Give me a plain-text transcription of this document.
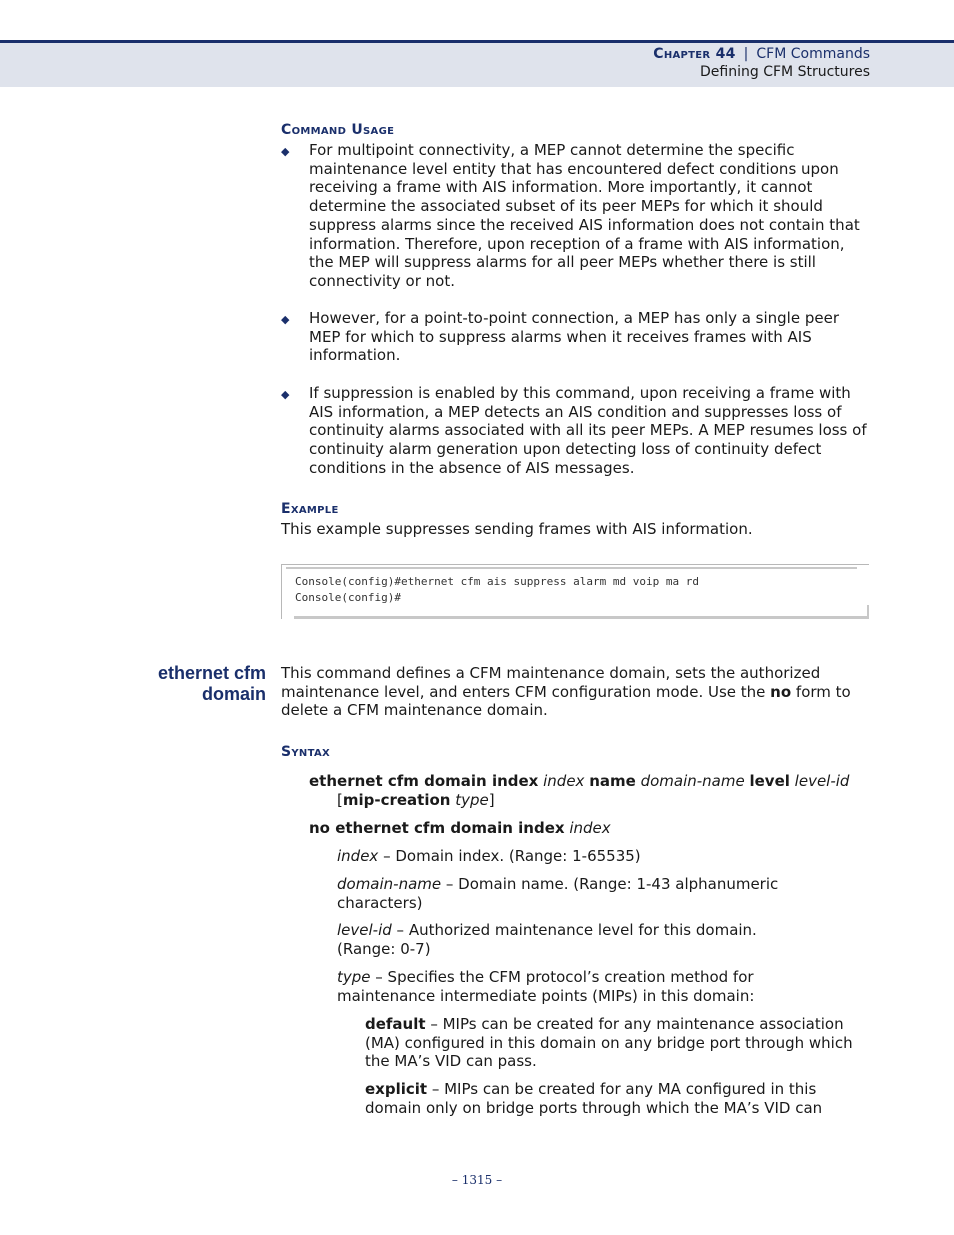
Chapter 44 | CFM Commands
Defining CFM Structures
Command Usage
◆ For multipoint connectivity, a MEP cannot determine the specific maintenance level entity that has encountered defect conditions upon receiving a frame with AIS information. More importantly, it cannot determine the associated subset of its peer MEPs for which it should suppress alarms since the received AIS information does not contain that information. Therefore, upon reception of a frame with AIS information, the MEP will suppress alarms for all peer MEPs whether there is still connectivity or not.
◆ However, for a point-to-point connection, a MEP has only a single peer MEP for which to suppress alarms when it receives frames with AIS information.
◆ If suppression is enabled by this command, upon receiving a frame with AIS information, a MEP detects an AIS condition and suppresses loss of continuity alarms associated with all its peer MEPs. A MEP resumes loss of continuity alarm generation upon detecting loss of continuity defect conditions in the absence of AIS messages.
Example
This example suppresses sending frames with AIS information.
Console(config)#ethernet cfm ais suppress alarm md voip ma rd
Console(config)#
ethernet cfm
domain
This command defines a CFM maintenance domain, sets the authorized maintenance level, and enters CFM configuration mode. Use the no form to delete a CFM maintenance domain.
Syntax
ethernet cfm domain index index name domain-name level level-id
[mip-creation type]
no ethernet cfm domain index index
index – Domain index. (Range: 1-65535)
domain-name – Domain name. (Range: 1-43 alphanumeric characters)
level-id – Authorized maintenance level for this domain. (Range: 0-7)
type – Specifies the CFM protocol’s creation method for maintenance intermediate points (MIPs) in this domain:
default – MIPs can be created for any maintenance association (MA) configured in this domain on any bridge port through which the MA’s VID can pass.
explicit – MIPs can be created for any MA configured in this domain only on bridge ports through which the MA’s VID can
– 1315 –
